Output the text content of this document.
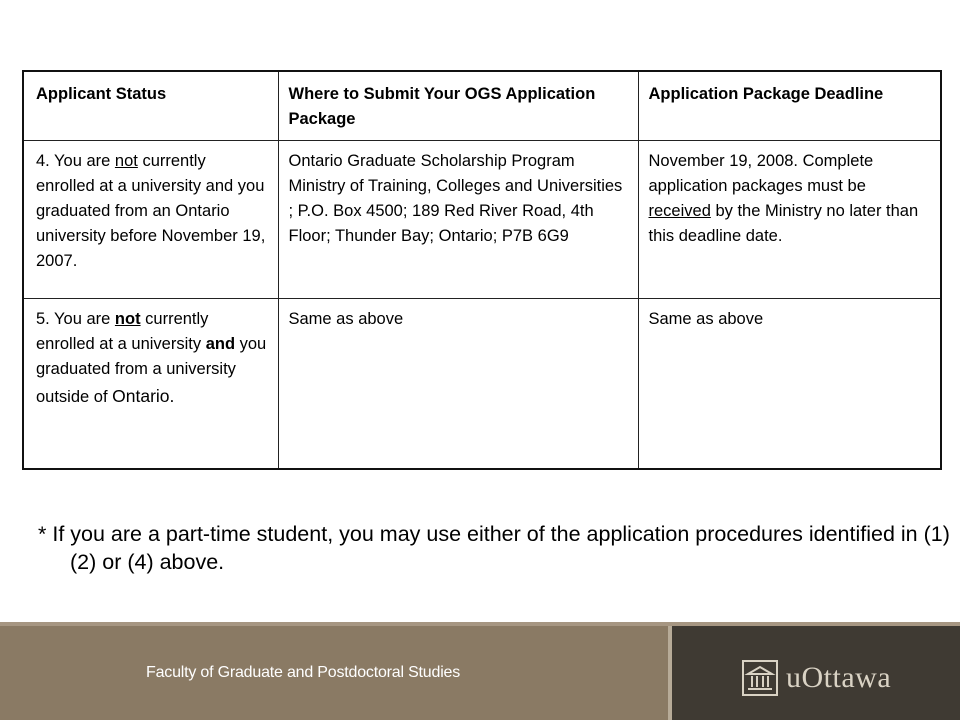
Applicant Status	Where to Submit Your OGS Application Package	Application Package Deadline
4. You are not currently enrolled at a university and you graduated from an Ontario university before November 19, 2007.	Ontario Graduate Scholarship Program Ministry of Training, Colleges and Universities ; P.O. Box 4500; 189 Red River Road, 4th Floor; Thunder Bay; Ontario; P7B 6G9	November 19, 2008. Complete application packages must be received by the Ministry no later than this deadline date.
5. You are not currently enrolled at a university and you graduated from a university outside of Ontario.	Same as above	Same as above
* If you are a part-time student, you may use either of the application procedures identified in (1) (2) or (4) above.
Faculty of Graduate and Postdoctoral Studies	uOttawa
